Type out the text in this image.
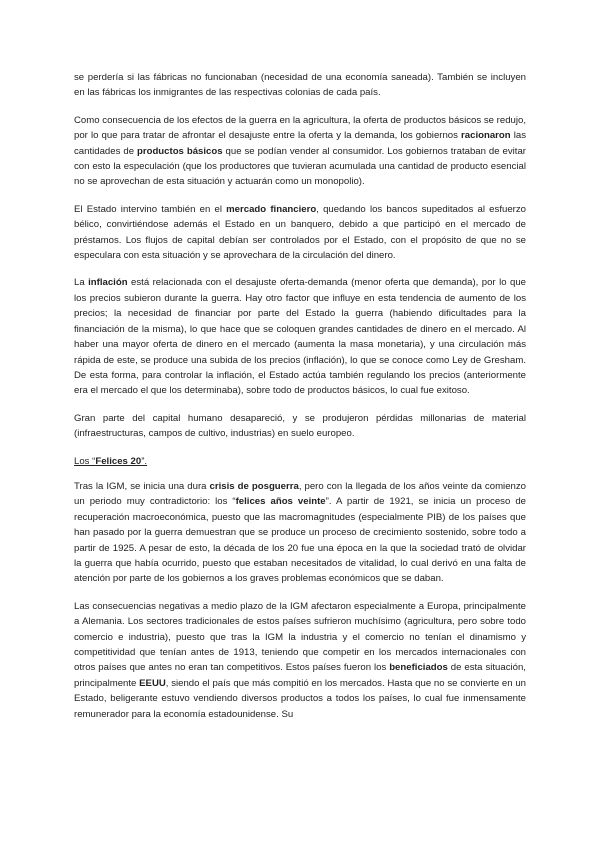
se perdería si las fábricas no funcionaban (necesidad de una economía saneada). También se incluyen en las fábricas los inmigrantes de las respectivas colonias de cada país.

Como consecuencia de los efectos de la guerra en la agricultura, la oferta de productos básicos se redujo, por lo que para tratar de afrontar el desajuste entre la oferta y la demanda, los gobiernos racionaron las cantidades de productos básicos que se podían vender al consumidor. Los gobiernos trataban de evitar con esto la especulación (que los productores que tuvieran acumulada una cantidad de producto esencial no se aprovechan de esta situación y actuarán como un monopolio).

El Estado intervino también en el mercado financiero, quedando los bancos supeditados al esfuerzo bélico, convirtiéndose además el Estado en un banquero, debido a que participó en el mercado de préstamos. Los flujos de capital debían ser controlados por el Estado, con el propósito de que no se especulara con esta situación y se aprovechara de la circulación del dinero.

La inflación está relacionada con el desajuste oferta-demanda (menor oferta que demanda), por lo que los precios subieron durante la guerra. Hay otro factor que influye en esta tendencia de aumento de los precios; la necesidad de financiar por parte del Estado la guerra (habiendo dificultades para la financiación de la misma), lo que hace que se coloquen grandes cantidades de dinero en el mercado. Al haber una mayor oferta de dinero en el mercado (aumenta la masa monetaria), y una circulación más rápida de este, se produce una subida de los precios (inflación), lo que se conoce como Ley de Gresham. De esta forma, para controlar la inflación, el Estado actúa también regulando los precios (anteriormente era el mercado el que los determinaba), sobre todo de productos básicos, lo cual fue exitoso.

Gran parte del capital humano desapareció, y se produjeron pérdidas millonarias de material (infraestructuras, campos de cultivo, industrias) en suelo europeo.

Los “Felices 20”.

Tras la IGM, se inicia una dura crisis de posguerra, pero con la llegada de los años veinte da comienzo un periodo muy contradictorio: los “felices años veinte”. A partir de 1921, se inicia un proceso de recuperación macroeconómica, puesto que las macromagnitudes (especialmente PIB) de los países que han pasado por la guerra demuestran que se produce un proceso de crecimiento sostenido, sobre todo a partir de 1925. A pesar de esto, la década de los 20 fue una época en la que la sociedad trató de olvidar la guerra que había ocurrido, puesto que estaban necesitados de vitalidad, lo cual derivó en una falta de atención por parte de los gobiernos a los graves problemas económicos que se daban.

Las consecuencias negativas a medio plazo de la IGM afectaron especialmente a Europa, principalmente a Alemania. Los sectores tradicionales de estos países sufrieron muchísimo (agricultura, pero sobre todo comercio e industria), puesto que tras la IGM la industria y el comercio no tenían el dinamismo y competitividad que tenían antes de 1913, teniendo que competir en los mercados internacionales con otros países que antes no eran tan competitivos. Estos países fueron los beneficiados de esta situación, principalmente EEUU, siendo el país que más compitió en los mercados. Hasta que no se convierte en un Estado, beligerante estuvo vendiendo diversos productos a todos los países, lo cual fue inmensamente remunerador para la economía estadounidense. Su
